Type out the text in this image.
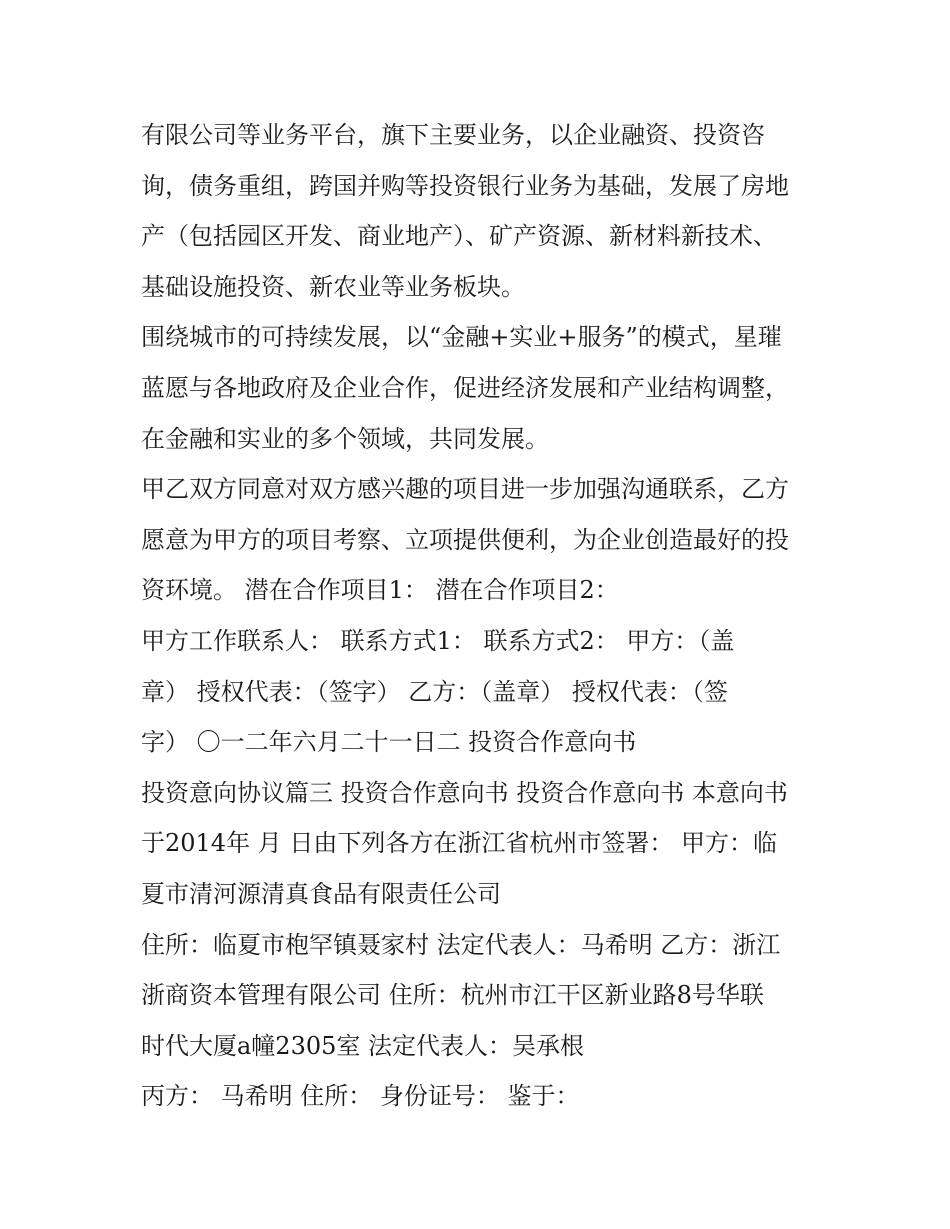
有限公司等业务平台，旗下主要业务，以企业融资、投资咨
询，债务重组，跨国并购等投资银行业务为基础，发展了房地
产（包括园区开发、商业地产）、矿产资源、新材料新技术、
基础设施投资、新农业等业务板块。
围绕城市的可持续发展，以“金融+实业+服务”的模式，星璀
蓝愿与各地政府及企业合作，促进经济发展和产业结构调整，
在金融和实业的多个领域，共同发展。
甲乙双方同意对双方感兴趣的项目进一步加强沟通联系，乙方
愿意为甲方的项目考察、立项提供便利，为企业创造最好的投
资环境。 潜在合作项目1： 潜在合作项目2：
甲方工作联系人： 联系方式1： 联系方式2： 甲方：（盖
章） 授权代表：（签字） 乙方：（盖章） 授权代表：（签
字） 〇一二年六月二十一日二 投资合作意向书
投资意向协议篇三 投资合作意向书 投资合作意向书 本意向书
于2014年 月 日由下列各方在浙江省杭州市签署： 甲方：临
夏市清河源清真食品有限责任公司
住所：临夏市枹罕镇聂家村 法定代表人：马希明 乙方：浙江
浙商资本管理有限公司 住所：杭州市江干区新业路8号华联
时代大厦a幢2305室 法定代表人：吴承根
丙方： 马希明 住所： 身份证号： 鉴于：
